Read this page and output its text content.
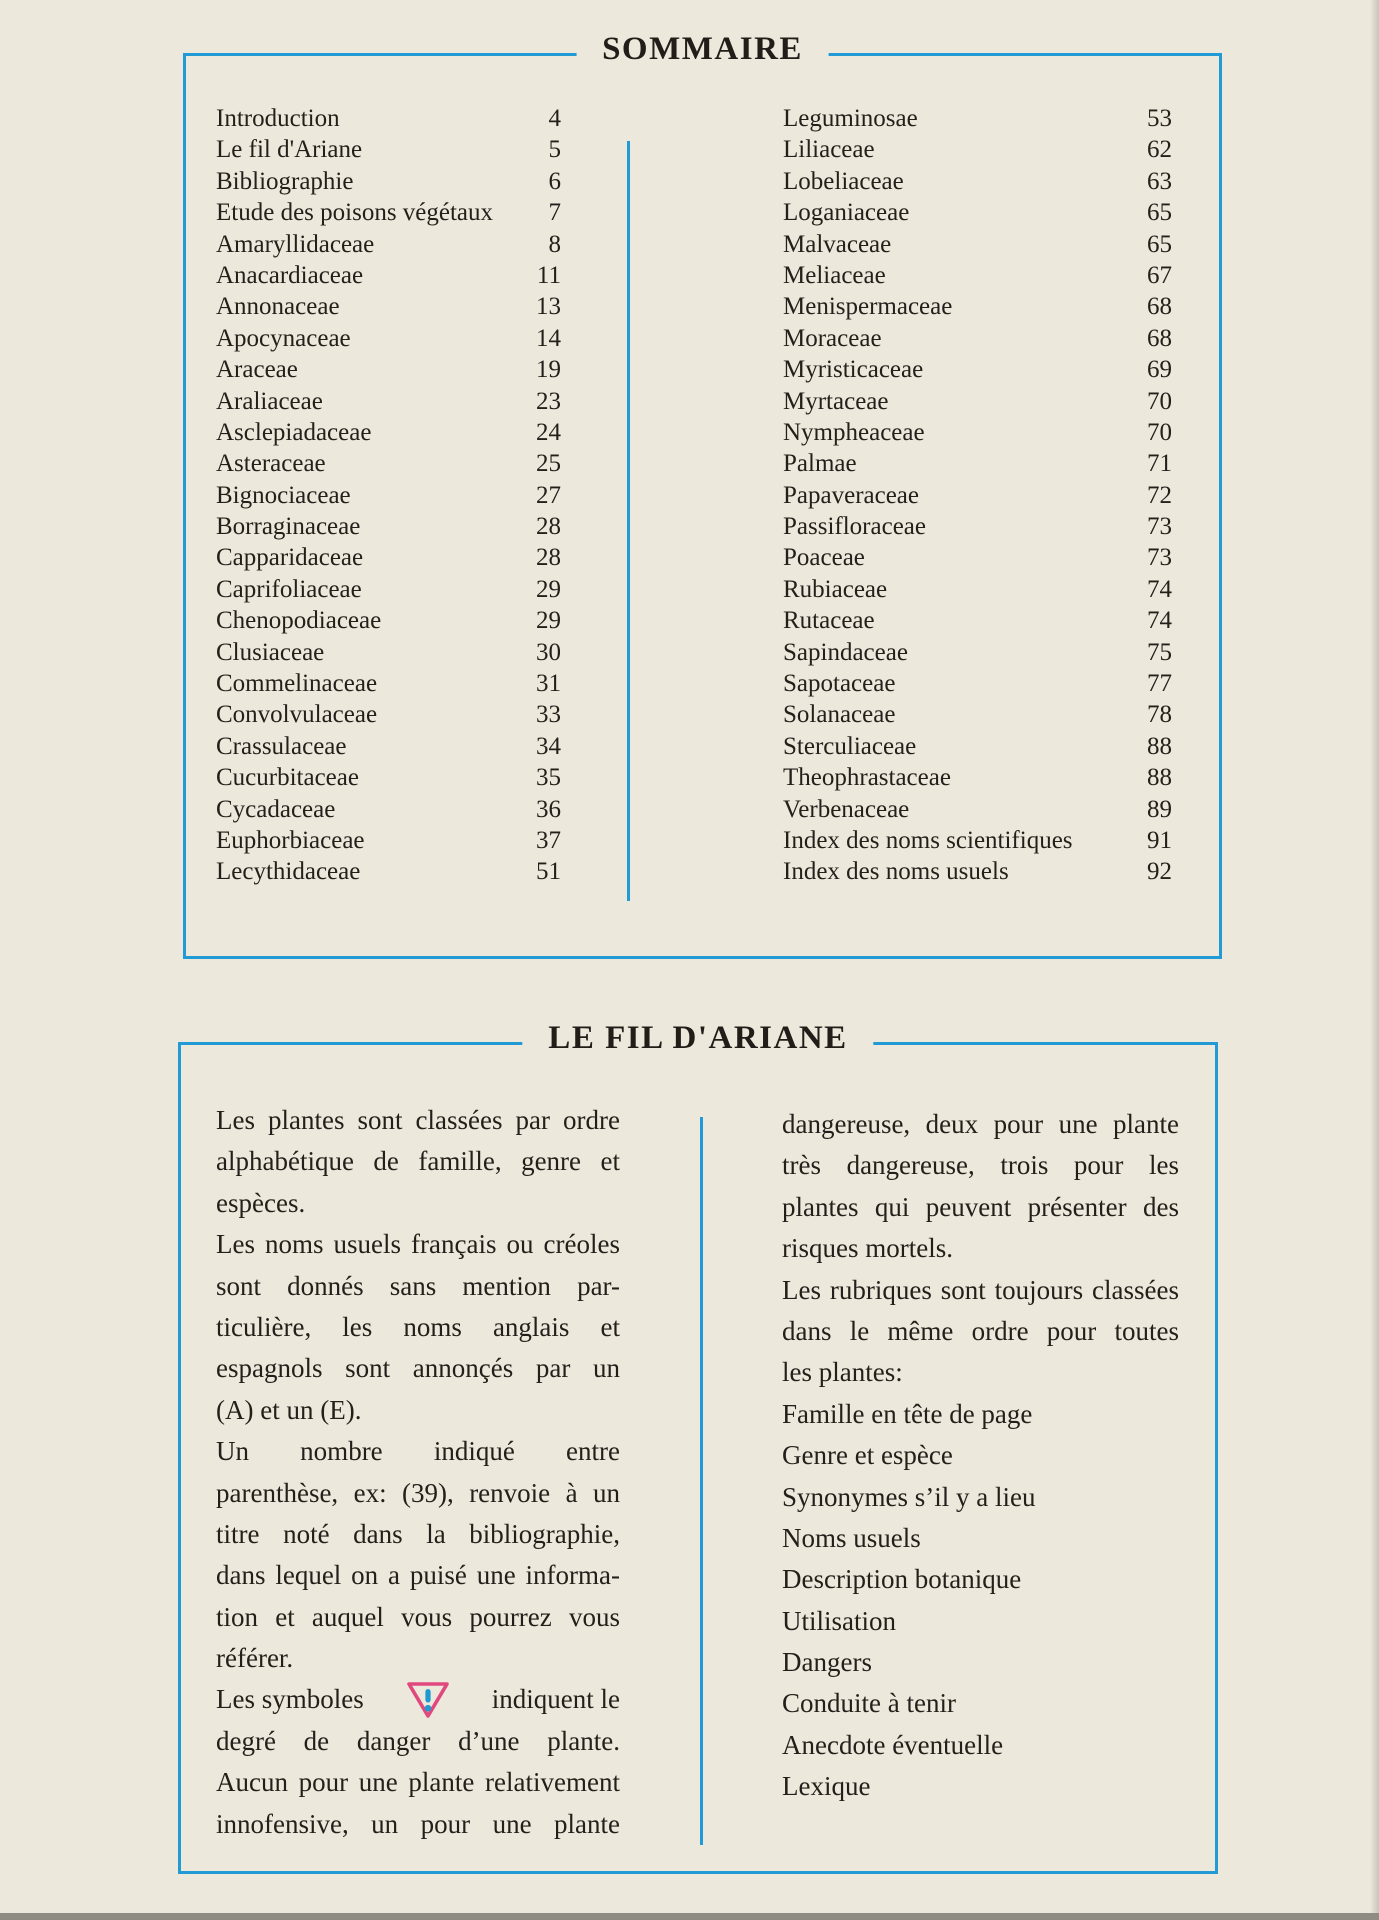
SOMMAIRE
Introduction	4
Le fil d'Ariane	5
Bibliographie	6
Etude des poisons végétaux 7
Amaryllidaceae	8
Anacardiaceae	11
Annonaceae	13
Apocynaceae	14
Araceae	19
Araliaceae	23
Asclepiadaceae	24
Asteraceae	25
Bignociaceae	27
Borraginaceae	28
Capparidaceae	28
Caprifoliaceae	29
Chenopodiaceae	29
Clusiaceae	30
Commelinaceae	31
Convolvulaceae	33
Crassulaceae	34
Cucurbitaceae	35
Cycadaceae	36
Euphorbiaceae	37
Lecythidaceae	51
Leguminosae	53
Liliaceae	62
Lobeliaceae	63
Loganiaceae	65
Malvaceae	65
Meliaceae	67
Menispermaceae	68
Moraceae	68
Myristicaceae	69
Myrtaceae	70
Nympheaceae	70
Palmae	71
Papaveraceae	72
Passifloraceae	73
Poaceae	73
Rubiaceae	74
Rutaceae	74
Sapindaceae	75
Sapotaceae	77
Solanaceae	78
Sterculiaceae	88
Theophrastaceae	88
Verbenaceae	89
Index des noms scientifiques	91
Index des noms usuels	92
LE FIL D'ARIANE
Les plantes sont classées par ordre
alphabétique de famille, genre et
espèces.
Les noms usuels français ou créoles
sont donnés sans mention par-
ticulière, les noms anglais et
espagnols sont annonçés par un
(A) et un (E).
Un nombre indiqué entre
parenthèse, ex: (39), renvoie à un
titre noté dans la bibliographie,
dans lequel on a puisé une informa-
tion et auquel vous pourrez vous
référer.
Les symboles	indiquent le
degré de danger d’une plante.
Aucun pour une plante relativement
innofensive, un pour une plante
dangereuse, deux pour une plante
très dangereuse, trois pour les
plantes qui peuvent présenter des
risques mortels.
Les rubriques sont toujours classées
dans le même ordre pour toutes
les plantes:
Famille en tête de page
Genre et espèce
Synonymes s’il y a lieu
Noms usuels
Description botanique
Utilisation
Dangers
Conduite à tenir
Anecdote éventuelle
Lexique
